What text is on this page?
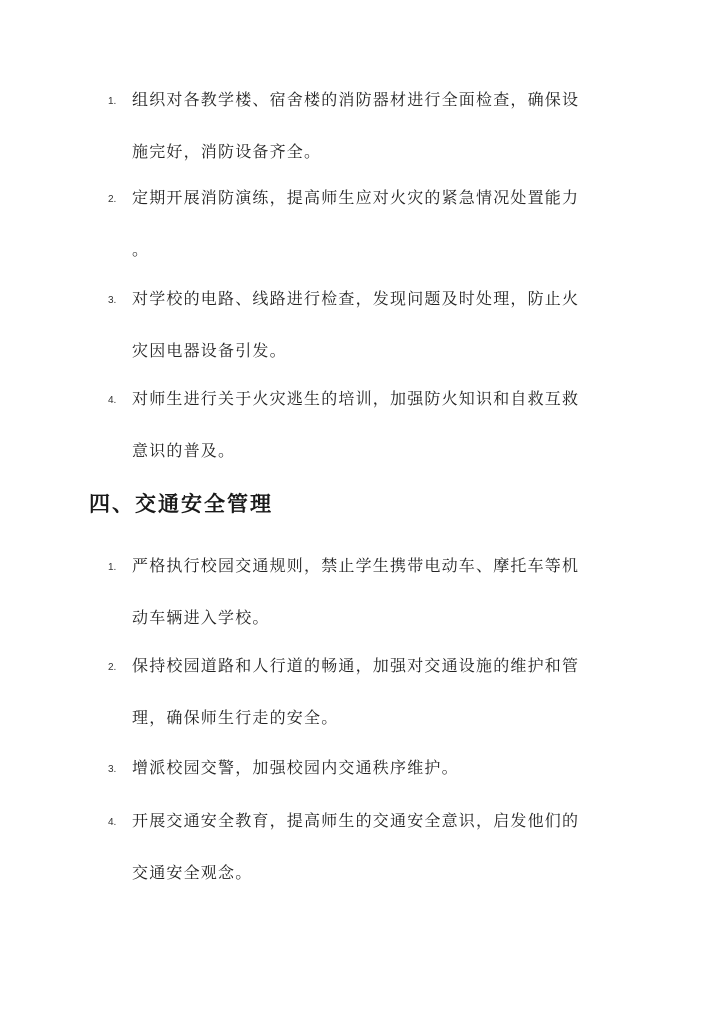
1. 组织对各教学楼、宿舍楼的消防器材进行全面检查，确保设
施完好，消防设备齐全。
2. 定期开展消防演练，提高师生应对火灾的紧急情况处置能力
。
3. 对学校的电路、线路进行检查，发现问题及时处理，防止火
灾因电器设备引发。
4. 对师生进行关于火灾逃生的培训，加强防火知识和自救互救
意识的普及。
四、交通安全管理
1. 严格执行校园交通规则，禁止学生携带电动车、摩托车等机
动车辆进入学校。
2. 保持校园道路和人行道的畅通，加强对交通设施的维护和管
理，确保师生行走的安全。
3. 增派校园交警，加强校园内交通秩序维护。
4. 开展交通安全教育，提高师生的交通安全意识，启发他们的
交通安全观念。
